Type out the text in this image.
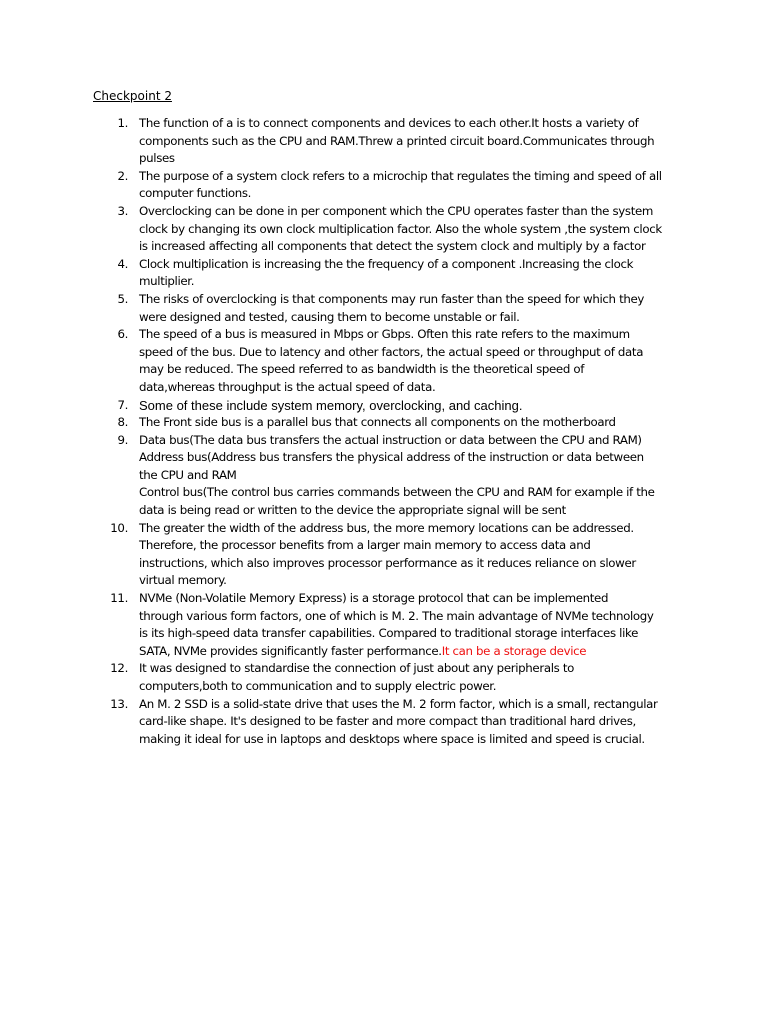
Checkpoint 2

1. The function of a is to connect components and devices to each other.It hosts a variety of
components such as the CPU and RAM.Threw a printed circuit board.Communicates through
pulses
2. The purpose of a system clock refers to a microchip that regulates the timing and speed of all
computer functions.
3. Overclocking can be done in per component which the CPU operates faster than the system
clock by changing its own clock multiplication factor. Also the whole system ,the system clock
is increased affecting all components that detect the system clock and multiply by a factor
4. Clock multiplication is increasing the the frequency of a component .Increasing the clock
multiplier.
5. The risks of overclocking is that components may run faster than the speed for which they
were designed and tested, causing them to become unstable or fail.
6. The speed of a bus is measured in Mbps or Gbps. Often this rate refers to the maximum
speed of the bus. Due to latency and other factors, the actual speed or throughput of data
may be reduced. The speed referred to as bandwidth is the theoretical speed of
data,whereas throughput is the actual speed of data.
7. Some of these include system memory, overclocking, and caching.
8. The Front side bus is a parallel bus that connects all components on the motherboard
9. Data bus(The data bus transfers the actual instruction or data between the CPU and RAM)
Address bus(Address bus transfers the physical address of the instruction or data between
the CPU and RAM
Control bus(The control bus carries commands between the CPU and RAM for example if the
data is being read or written to the device the appropriate signal will be sent
10. The greater the width of the address bus, the more memory locations can be addressed.
Therefore, the processor benefits from a larger main memory to access data and
instructions, which also improves processor performance as it reduces reliance on slower
virtual memory.
11. NVMe (Non-Volatile Memory Express) is a storage protocol that can be implemented
through various form factors, one of which is M. 2. The main advantage of NVMe technology
is its high-speed data transfer capabilities. Compared to traditional storage interfaces like
SATA, NVMe provides significantly faster performance.It can be a storage device
12. It was designed to standardise the connection of just about any peripherals to
computers,both to communication and to supply electric power.
13. An M. 2 SSD is a solid-state drive that uses the M. 2 form factor, which is a small, rectangular
card-like shape. It's designed to be faster and more compact than traditional hard drives,
making it ideal for use in laptops and desktops where space is limited and speed is crucial.
